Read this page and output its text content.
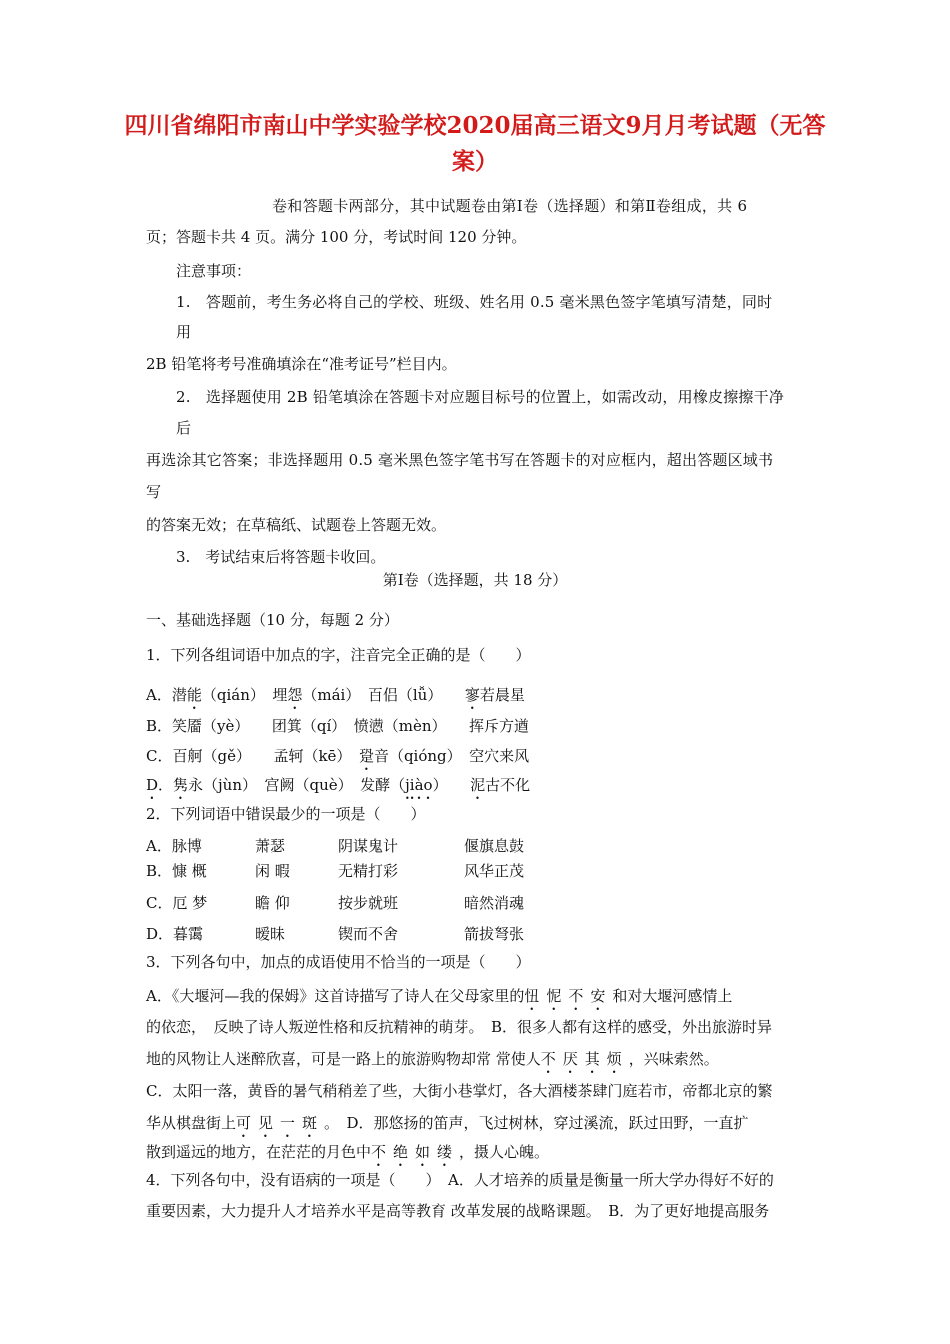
四川省绵阳市南山中学实验学校2020届高三语文9月月考试题（无答案）

卷和答题卡两部分，其中试题卷由第Ⅰ卷（选择题）和第Ⅱ卷组成，共 6

页；答题卡共 4 页。满分 100 分，考试时间 120 分钟。

注意事项：

1.　答题前，考生务必将自己的学校、班级、姓名用 0.5 毫米黑色签字笔填写清楚，同时

用

2B 铅笔将考号准确填涂在“准考证号”栏目内。

2.　选择题使用 2B 铅笔填涂在答题卡对应题目标号的位置上，如需改动，用橡皮擦擦干净

后

再选涂其它答案；非选择题用 0.5 毫米黑色签字笔书写在答题卡的对应框内，超出答题区域书

写

的答案无效；在草稿纸、试题卷上答题无效。

3.　考试结束后将答题卡收回。

第Ⅰ卷（选择题，共 18 分）

一、基础选择题（10 分，每题 2 分）

1．下列各组词语中加点的字，注音完全正确的是（　　）

A．潜能（qián）　埋怨（mái）　百侣（lǚ）　　寥若晨星

B．笑靥（yè）　　团箕（qí）　愤懑（mèn）　　挥斥方遒

C．百舸（gě）　　孟轲（kē）　跫音（qióng）　空穴来风

D．隽永（jùn）　宫阙（què）　发酵（jiào）　　泥古不化

2．下列词语中错误最少的一项是（　　）

A．脉博	萧瑟	阴谋鬼计	偃旗息鼓
B．慷 概	闲 暇	无精打彩	风华正茂
C．厄 梦	瞻 仰	按步就班	暗然消魂
D．暮霭	暧昧	锲而不舍	箭拔弩张

3．下列各句中，加点的成语使用不恰当的一项是（　　）

A．《大堰河—我的保姆》这首诗描写了诗人在父母家里的忸怩不安和对大堰河感情上

的依恋，　反映了诗人叛逆性格和反抗精神的萌芽。　B．很多人都有这样的感受，外出旅游时异

地的风物让人迷醉欣喜，可是一路上的旅游购物却常 常使人不厌其烦，兴味索然。

C．太阳一落，黄昏的暑气稍稍差了些，大街小巷掌灯，各大酒楼茶肆门庭若市，帝都北京的繁

华从棋盘街上可见一斑。　D．那悠扬的笛声，飞过树林，穿过溪流，跃过田野，一直扩

散到遥远的地方，在茫茫的月色中不绝如缕，摄人心魄。

4．下列各句中，没有语病的一项是（　　）　A．人才培养的质量是衡量一所大学办得好不好的

重要因素，大力提升人才培养水平是高等教育 改革发展的战略课题。　B．为了更好地提高服务
